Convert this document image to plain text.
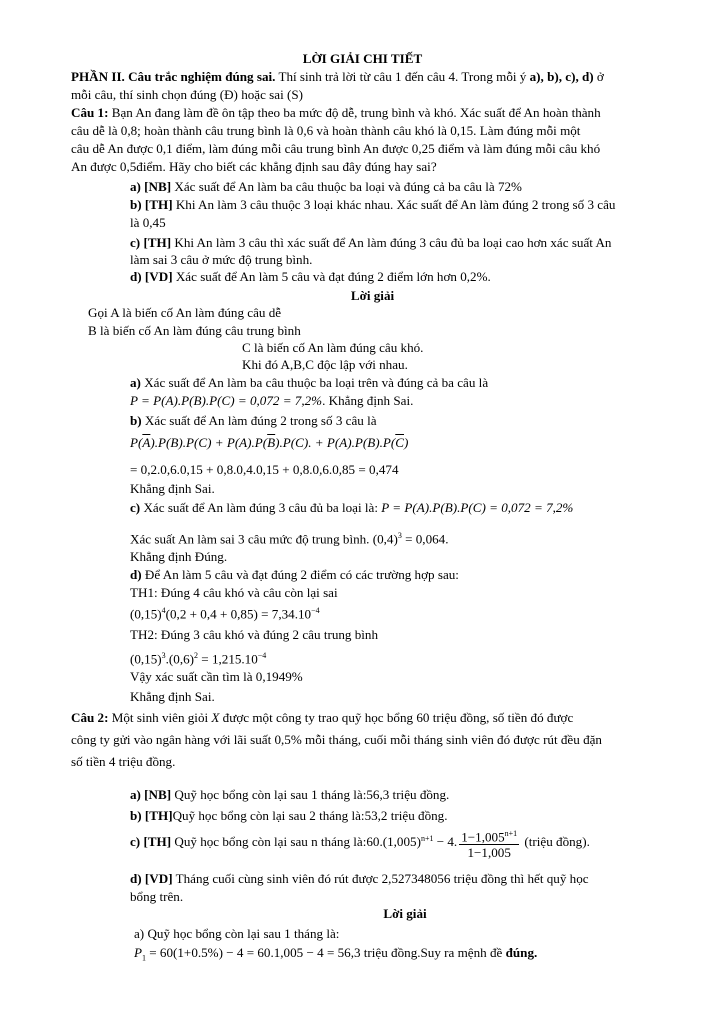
LỜI GIẢI CHI TIẾT
PHẦN II. Câu trắc nghiệm đúng sai. Thí sinh trả lời từ câu 1 đến câu 4. Trong mỗi ý a), b), c), d) ở
mỗi câu, thí sinh chọn đúng (Đ) hoặc sai (S)
Câu 1: Bạn An đang làm đề ôn tập theo ba mức độ dễ, trung bình và khó. Xác suất để An hoàn thành
câu dễ là 0,8; hoàn thành câu trung bình là 0,6 và hoàn thành câu khó là 0,15. Làm đúng mỗi một
câu dễ An được 0,1 điểm, làm đúng mỗi câu trung bình An được 0,25 điểm và làm đúng mỗi câu khó
An được 0,5điểm. Hãy cho biết các khẳng định sau đây đúng hay sai?
a) [NB] Xác suất để An làm ba câu thuộc ba loại và đúng cả ba câu là 72%
b) [TH] Khi An làm 3 câu thuộc 3 loại khác nhau. Xác suất để An làm đúng 2 trong số 3 câu
là 0,45
c) [TH] Khi An làm 3 câu thì xác suất để An làm đúng 3 câu đủ ba loại cao hơn xác suất An
làm sai 3 câu ở mức độ trung bình.
d) [VD] Xác suất để An làm 5 câu và đạt đúng 2 điểm lớn hơn 0,2%.
Lời giải
Gọi A là biến cố An làm đúng câu dễ
B là biến cố An làm đúng câu trung bình
C là biến cố An làm đúng câu khó.
Khi đó A,B,C độc lập với nhau.
a) Xác suất để An làm ba câu thuộc ba loại trên và đúng cả ba câu là
P = P(A).P(B).P(C) = 0,072 = 7,2%. Khẳng định Sai.
b) Xác suất để An làm đúng 2 trong số 3 câu là
$P(\overline{A}).P(B).P(C) + P(A).P(\overline{B}).P(C)$. + $P(A).P(B).P(\overline{C})$
= 0,2.0,6.0,15 + 0,8.0,4.0,15 + 0,8.0,6.0,85 = 0,474
Khẳng định Sai.
c) Xác suất để An làm đúng 3 câu đủ ba loại là: P = P(A).P(B).P(C) = 0,072 = 7,2%
Xác suất An làm sai 3 câu mức độ trung bình. $(0,4)^3 = 0,064$.
Khẳng định Đúng.
d) Để An làm 5 câu và đạt đúng 2 điểm có các trường hợp sau:
TH1: Đúng 4 câu khó và câu còn lại sai
$(0,15)^4(0,2 + 0,4 + 0,85) = 7,34.10^{-4}$
TH2: Đúng 3 câu khó và đúng 2 câu trung bình
$(0,15)^3.(0,6)^2 = 1,215.10^{-4}$
Vậy xác suất cần tìm là 0,1949%
Khẳng định Sai.
Câu 2: Một sinh viên giỏi X được một công ty trao quỹ học bổng 60 triệu đồng, số tiền đó được
công ty gửi vào ngân hàng với lãi suất 0,5% mỗi tháng, cuối mỗi tháng sinh viên đó được rút đều đặn
số tiền 4 triệu đồng.
a) [NB] Quỹ học bổng còn lại sau 1 tháng là:56,3 triệu đồng.
b) [TH]Quỹ học bổng còn lại sau 2 tháng là:53,2 triệu đồng.
c) [TH] Quỹ học bổng còn lại sau n tháng $là:60.(1,005)^{n+1} - 4$. $\frac{1-1,005^{n+1}}{1-1,005}$ (triệu đồng).
d) [VD] Tháng cuối cùng sinh viên đó rút được 2,527348056 triệu đồng thì hết quỹ học
bổng trên.
Lời giải
a) Quỹ học bổng còn lại sau 1 tháng là:
$P_1 = 60(1+0.5\%) - 4 = 60.1,005 - 4 = 56,3$ triệu đồng.Suy ra mệnh đề đúng.
